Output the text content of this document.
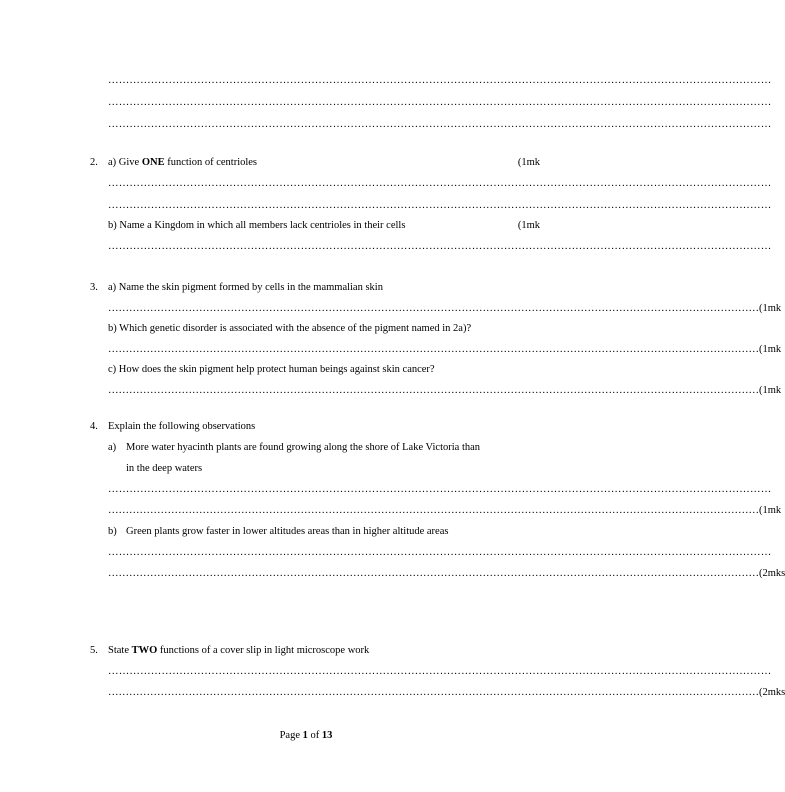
……………………………………………………………………………………………………………………………………………………………………
……………………………………………………………………………………………………………………………………………………………………
……………………………………………………………………………………………………………………………………………………………………
2. a) Give ONE function of centrioles	(1mk
……………………………………………………………………………………………………………………………………………………………………
……………………………………………………………………………………………………………………………………………………………………
b) Name a Kingdom in which all members lack centrioles in their cells	(1mk
……………………………………………………………………………………………………………………………………………………………………
3. a) Name the skin pigment formed by cells in the mammalian skin
…………………………………………………………………………………………………………………………………………………………………… (1mk
b) Which genetic disorder is associated with the absence of the pigment named in 2a)?
…………………………………………………………………………………………………………………………………………………………………… (1mk
c) How does the skin pigment help protect human beings against skin cancer?
…………………………………………………………………………………………………………………………………………………………………… (1mk
4. Explain the following observations
a) More water hyacinth plants are found growing along the shore of Lake Victoria than
in the deep waters
……………………………………………………………………………………………………………………………………………………………………
…………………………………………………………………………………………………………………………………………………………………… (1mk
b) Green plants grow faster in lower altitudes areas than in higher altitude areas
……………………………………………………………………………………………………………………………………………………………………
…………………………………………………………………………………………………………………………………………………………………… (2mks
5. State TWO functions of a cover slip in light microscope work
……………………………………………………………………………………………………………………………………………………………………
…………………………………………………………………………………………………………………………………………………………………… (2mks
Page 1 of 13
